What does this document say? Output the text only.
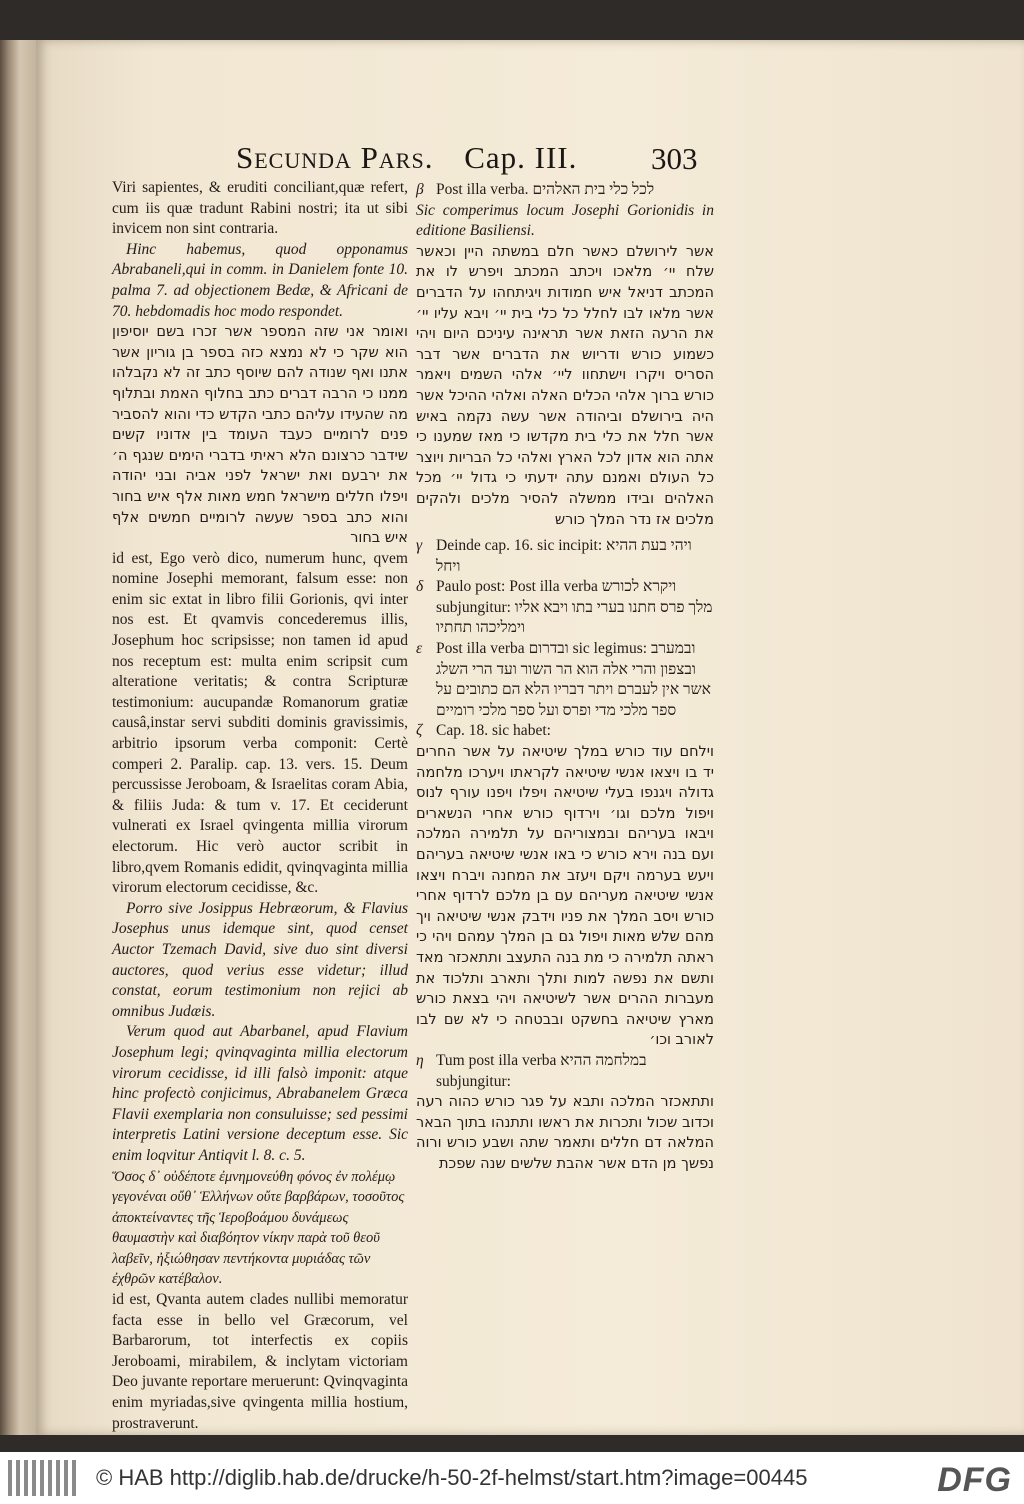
Secunda Pars. Cap. III.	303

Viri sapientes, & eruditi conciliant,quæ refert, cum iis quæ tradunt Rabini nostri; ita ut sibi invicem non sint contraria.

Hinc habemus, quod opponamus Abrabaneli,qui in comm. in Danielem fonte 10. palma 7. ad objectionem Bedæ, & Africani de 70. hebdomadis hoc modo respondet.

ואומר אני שזה המספר אשר זכרו בשם יוסיפון הוא שקר כי לא נמצא כזה בספר בן גוריון אשר אתנו ואף שנודה להם שיוסף כתב זה לא נקבלהו ממנו כי הרבה דברים כתב בחלוף האמת ובתלוף מה שהעידו עליהם כתבי הקדש כדי והוא להסביר פנים לרומיים כעבד העומד בין אדוניו קשים שידבר כרצונם הלא ראיתי בדברי הימים שנגף ה׳ את ירבעם ואת ישראל לפני אביה ובני יהודה ויפלו חללים מישראל חמש מאות אלף איש בחור והוא כתב בספר שעשה לרומיים חמשים אלף איש בחור

id est, Ego verò dico, numerum hunc, qvem nomine Josephi memorant, falsum esse: non enim sic extat in libro filii Gorionis, qvi inter nos est. Et qvamvis concederemus illis, Josephum hoc scripsisse; non tamen id apud nos receptum est: multa enim scripsit cum alteratione veritatis; & contra Scripturæ testimonium: aucupandæ Romanorum gratiæ causâ,instar servi subditi dominis gravissimis, arbitrio ipsorum verba componit: Certè comperi 2. Paralip. cap. 13. vers. 15. Deum percussisse Jeroboam, & Israelitas coram Abia, & filiis Juda: & tum v. 17. Et ceciderunt vulnerati ex Israel qvingenta millia virorum electorum. Hic verò auctor scribit in libro,qvem Romanis edidit, qvinqvaginta millia virorum electorum cecidisse, &c.

Porro sive Josippus Hebræorum, & Flavius Josephus unus idemque sint, quod censet Auctor Tzemach David, sive duo sint diversi auctores, quod verius esse videtur; illud constat, eorum testimonium non rejici ab omnibus Judæis.

Verum quod aut Abarbanel, apud Flavium Josephum legi; qvinqvaginta millia electorum virorum cecidisse, id illi falsò imponit: atque hinc profectò conjicimus, Abrabanelem Græca Flavii exemplaria non consuluisse; sed pessimi interpretis Latini versione deceptum esse. Sic enim loqvitur Antiqvit l. 8. c. 5.

Ὅσος δ᾽ οὐδέποτε ἐμνημονεύθη φόνος ἐν πολέμῳ γεγονέναι οὔθ᾽ Ἑλλήνων οὔτε βαρβάρων, τοσοῦτος ἀποκτείναντες τῆς Ἱεροβοάμου δυνάμεως θαυμαστὴν καὶ διαβόητον νίκην παρὰ τοῦ θεοῦ λαβεῖν, ἠξιώθησαν πεντήκοντα μυριάδας τῶν ἐχθρῶν κατέβαλον.

id est, Qvanta autem clades nullibi memoratur facta esse in bello vel Græcorum, vel Barbarorum, tot interfectis ex copiis Jeroboami, mirabilem, & inclytam victoriam Deo juvante reportare meruerunt: Qvinqvaginta enim myriadas,sive qvingenta millia hostium, prostraverunt.

β Post illa verba. לכל כלי בית האלהים

Sic comperimus locum Josephi Gorionidis in editione Basiliensi.

אשר לירושלם כאשר חלם במשתה היין וכאשר שלח יי׳ מלאכו ויכתב המכתב ויפרש לו את המכתב דניאל איש חמודות ויגיתחהו על הדברים אשר מלאו לבו לחלל כל כלי בית יי׳ ויבא עליו יי׳ את הרעה הזאת אשר תראינה עיניכם היום ויהי כשמוע כורש ודריוש את הדברים אשר דבר הסריס ויקרו וישתחוו ליי׳ אלהי השמים ויאמר כורש ברוך אלהי הכלים האלה ואלהי ההיכל אשר היה בירושלם וביהודה אשר עשה נקמה באיש אשר חלל את כלי בית מקדשו כי מאז שמענו כי אתה הוא אדון לכל הארץ ואלהי כל הבריות ויוצר כל העולם ואמנם עתה ידעתי כי גדול יי׳ מכל האלהים ובידו ממשלה להסיר מלכים ולהקים מלכים אז נדר המלך כורש

γ Deinde cap. 16. sic incipit: ויהי בעת ההיא ויחל
δ Paulo post: Post illa verba ויקרא לכורש subjungitur: מלך פרס חתנו בערי בתו ויבא אליו וימליכהו תחתיו
ε Post illa verba ובדרום sic legimus: ובמערב ובצפון והרי אלה הוא הר השור ועד הרי השלג אשר אין לעברם ויתר דבריו הלא הם כתובים על ספר מלכי מדי ופרס ועל ספר מלכי רומיים
ζ Cap. 18. sic habet:

וילחם עוד כורש במלך שיטיאה על אשר החרים יד בו ויצאו אנשי שיטיאה לקראתו ויערכו מלחמה גדולה ויגנפו בעלי שיטיאה ויפלו ויפנו עורף לנוס ויפול מלכם וגו׳ וירדוף כורש אחרי הנשארים ויבאו בעריהם ובמצוריהם על תלמירה המלכה ועם בנה וירא כורש כי באו אנשי שיטיאה בעריהם ויעש בערמה ויקם ויעזב את המחנה ויברח ויצאו אנשי שיטיאה מעריהם עם בן מלכם לרדוף אחרי כורש ויסב המלך את פניו וידבק אנשי שיטיאה ויך מהם שלש מאות ויפול גם בן המלך עמהם ויהי כי ראתה תלמירה כי מת בנה התעצב ותתאכזר מאד ותשם את נפשה למות ותלך ותארב ותלכוד את מעברות ההרים אשר לשיטיאה ויהי בצאת כורש מארץ שיטיאה בחשקט ובבטחה כי לא שם לבו לאורב וכו׳

η Tum post illa verba במלחמה ההיא subjungitur:

ותתאכזר המלכה ותבא על פגר כורש כהוה רעה וכדוב שכול ותכרות את ראשו ותתנהו בתוך הבאר המלאה דם חללים ותאמר שתה ושבע כורש ורוה נפשך מן הדם אשר אהבת שלשים שנה שפכת

© HAB http://diglib.hab.de/drucke/h-50-2f-helmst/start.htm?image=00445	DFG
